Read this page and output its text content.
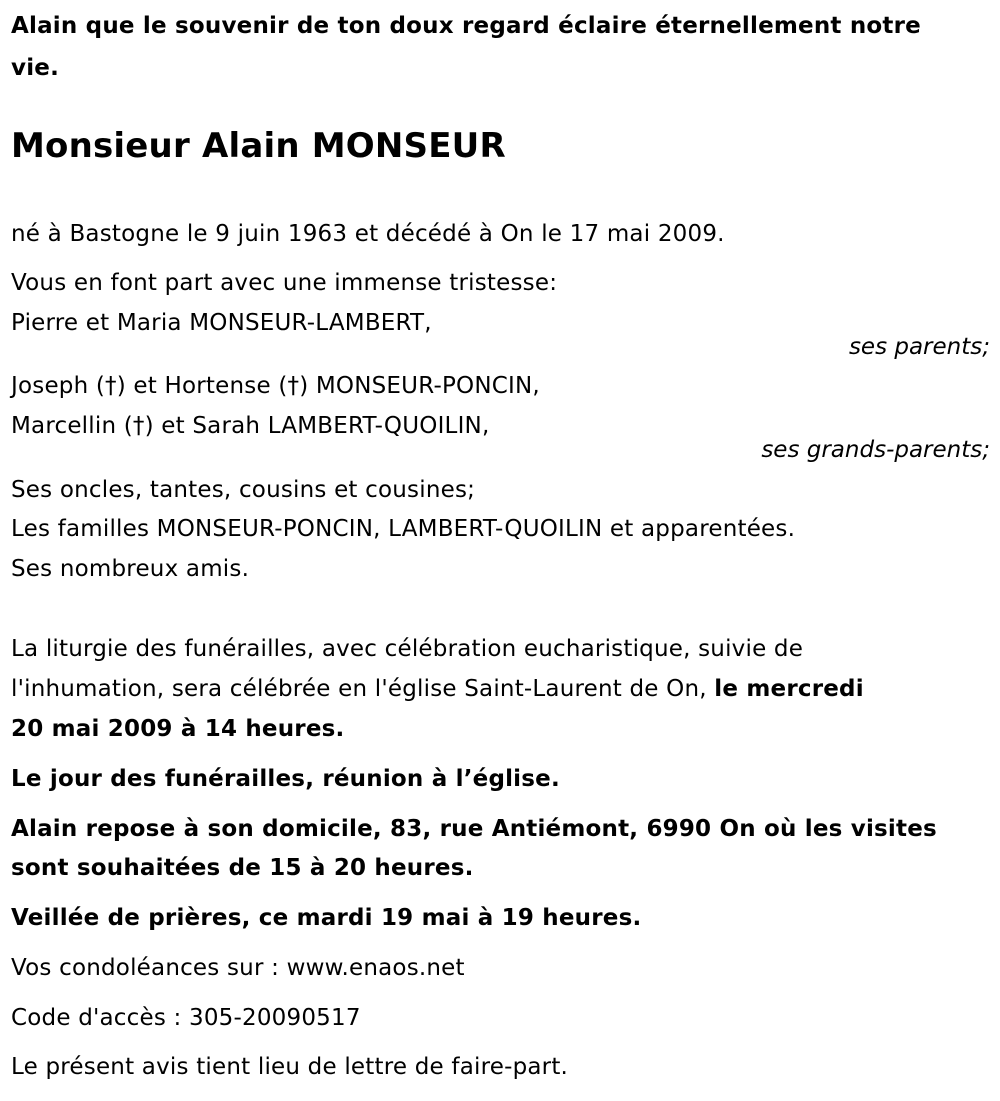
Alain que le souvenir de ton doux regard éclaire éternellement notre
vie.
Monsieur Alain MONSEUR
né à Bastogne le 9 juin 1963 et décédé à On le 17 mai 2009.
Vous en font part avec une immense tristesse:
Pierre et Maria MONSEUR-LAMBERT,
ses parents;
Joseph (†) et Hortense (†) MONSEUR-PONCIN,
Marcellin (†) et Sarah LAMBERT-QUOILIN,
ses grands-parents;
Ses oncles, tantes, cousins et cousines;
Les familles MONSEUR-PONCIN, LAMBERT-QUOILIN et apparentées.
Ses nombreux amis.
La liturgie des funérailles, avec célébration eucharistique, suivie de
l'inhumation, sera célébrée en l'église Saint-Laurent de On, le mercredi
20 mai 2009 à 14 heures.
Le jour des funérailles, réunion à l’église.
Alain repose à son domicile, 83, rue Antiémont, 6990 On où les visites
sont souhaitées de 15 à 20 heures.
Veillée de prières, ce mardi 19 mai à 19 heures.
Vos condoléances sur : www.enaos.net
Code d'accès : 305-20090517
Le présent avis tient lieu de lettre de faire-part.
